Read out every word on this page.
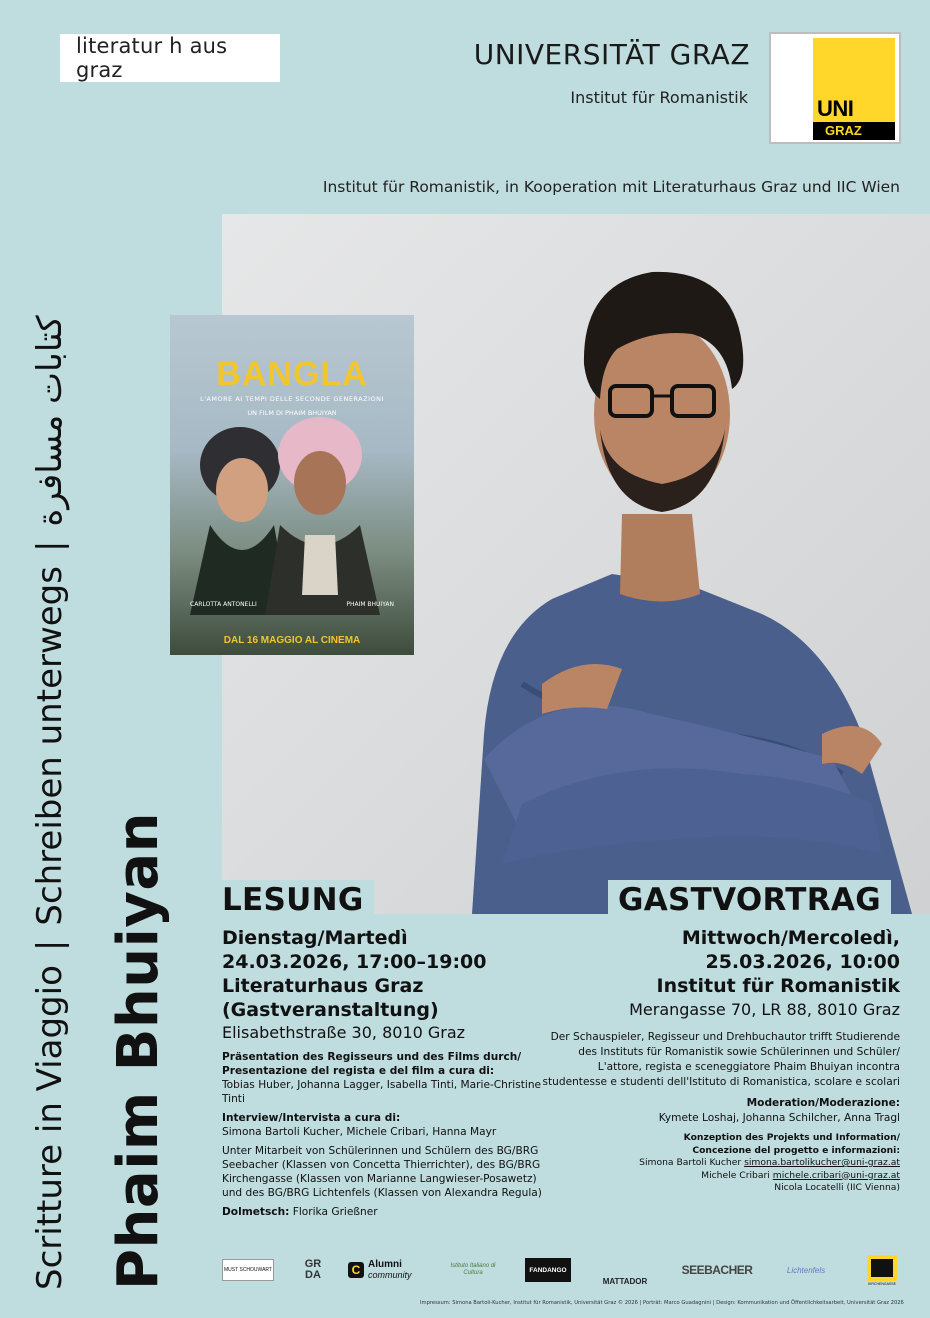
literatur h aus graz	UNIVERSITÄT GRAZ
Institut für Romanistik	UNI
GRAZ
Institut für Romanistik, in Kooperation mit Literaturhaus Graz und IIC Wien
Scritture in Viaggio|Schreiben unterwegs|كتابات مسافرة
Phaim Bhuiyan
BANGLA
L'AMORE AI TEMPI DELLE SECONDE GENERAZIONI
UN FILM DI PHAIM BHUIYAN
CARLOTTA ANTONELLI	PHAIM BHUIYAN
DAL 16 MAGGIO AL CINEMA
LESUNG	GASTVORTRAG
Dienstag/Martedì
24.03.2026, 17:00–19:00
Literaturhaus Graz
(Gastveranstaltung)
Elisabethstraße 30, 8010 Graz
Präsentation des Regisseurs und des Films durch/ Presentazione del regista e del film a cura di:
Tobias Huber, Johanna Lagger, Isabella Tinti, Marie-Christine Tinti
Interview/Intervista a cura di:
Simona Bartoli Kucher, Michele Cribari, Hanna Mayr
Unter Mitarbeit von Schülerinnen und Schülern des BG/BRG Seebacher (Klassen von Concetta Thierrichter), des BG/BRG Kirchengasse (Klassen von Marianne Langwieser-Posawetz) und des BG/BRG Lichtenfels (Klassen von Alexandra Regula)
Dolmetsch: Florika Grießner
Mittwoch/Mercoledì,
25.03.2026, 10:00
Institut für Romanistik
Merangasse 70, LR 88, 8010 Graz
Der Schauspieler, Regisseur und Drehbuchautor trifft Studierende des Instituts für Romanistik sowie Schülerinnen und Schüler/ L'attore, regista e sceneggiatore Phaim Bhuiyan incontra studentesse e studenti dell'Istituto di Romanistica, scolare e scolari
Moderation/Moderazione:
Kymete Loshaj, Johanna Schilcher, Anna Tragl
Konzeption des Projekts und Information/
Concezione del progetto e informazioni:
Simona Bartoli Kucher simona.bartolikucher@uni-graz.at
Michele Cribari michele.cribari@uni-graz.at
Nicola Locatelli (IIC Vienna)
MUST SCHOUWART	GR DA	C Alumni
community
Istituto Italiano di Cultura	FANDANGO
MATTADOR
SEEBACHER	Lichtenfels
KIRCHENGASSE
Impressum: Simona Bartoli-Kucher, Institut für Romanistik, Universität Graz © 2026 | Porträt: Marco Guadagnini | Design: Kommunikation und Öffentlichkeitsarbeit, Universität Graz 2026
